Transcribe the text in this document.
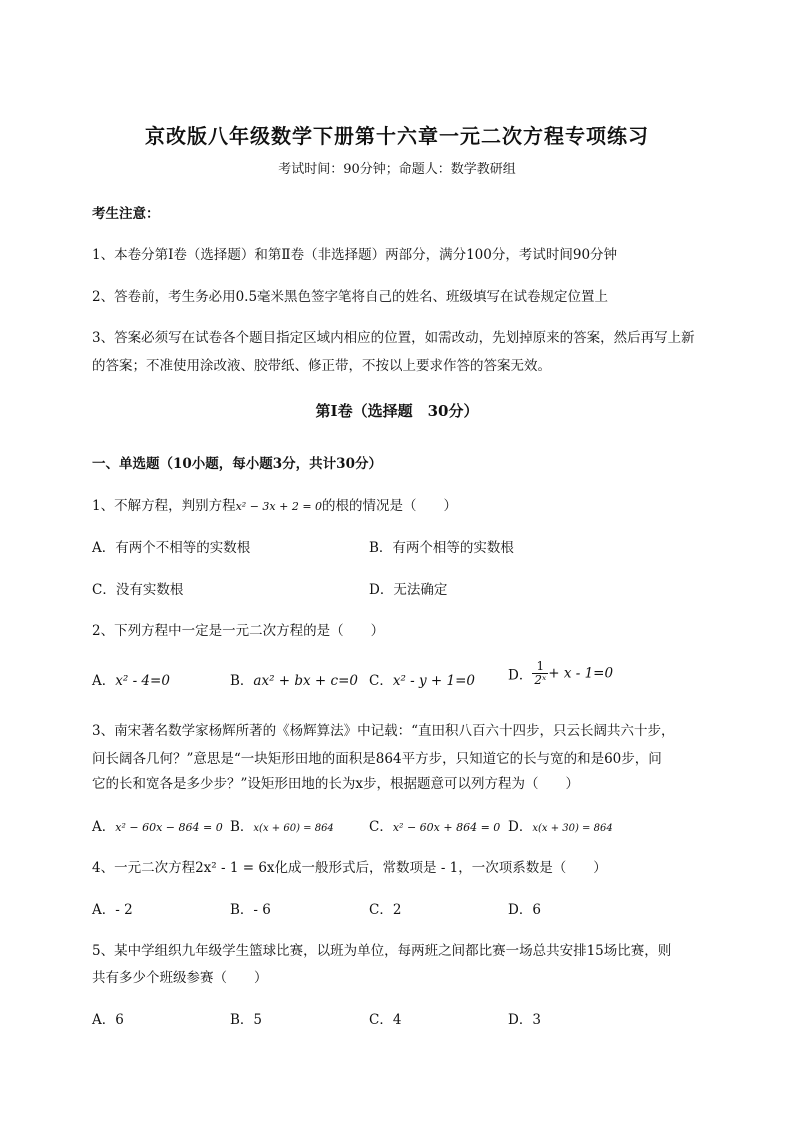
京改版八年级数学下册第十六章一元二次方程专项练习
考试时间：90分钟；命题人：数学教研组
考生注意：
1、本卷分第I卷（选择题）和第Ⅱ卷（非选择题）两部分，满分100分，考试时间90分钟
2、答卷前，考生务必用0.5毫米黑色签字笔将自己的姓名、班级填写在试卷规定位置上
3、答案必须写在试卷各个题目指定区域内相应的位置，如需改动，先划掉原来的答案，然后再写上新
的答案；不准使用涂改液、胶带纸、修正带，不按以上要求作答的答案无效。
第I卷（选择题　30分）
一、单选题（10小题，每小题3分，共计30分）
1、不解方程，判别方程x² − 3x + 2 = 0的根的情况是（　　）
A．有两个不相等的实数根	B．有两个相等的实数根
C．没有实数根	D．无法确定
2、下列方程中一定是一元二次方程的是（　　）
A．x² - 4=0	B．ax² + bx + c=0 C．x² - y + 1=0 D． $\frac{1}{\text{2ˣ}} + x - 1=0$
3、南宋著名数学家杨辉所著的《杨辉算法》中记载：“直田积八百六十四步，只云长阔共六十步，
问长阔各几何？”意思是“一块矩形田地的面积是864平方步，只知道它的长与宽的和是60步，问
它的长和宽各是多少步？”设矩形田地的长为x步，根据题意可以列方程为（　　）
A．x² − 60x − 864 = 0 B．x(x + 60) = 864	C．x² − 60x + 864 = 0 D．x(x + 30) = 864
4、一元二次方程2x² - 1 = 6x化成一般形式后，常数项是 - 1，一次项系数是（　　）
A．- 2	B．- 6	C．2	D．6
5、某中学组织九年级学生篮球比赛，以班为单位，每两班之间都比赛一场总共安排15场比赛，则
共有多少个班级参赛（　　）
A．6	B．5	C．4	D．3
